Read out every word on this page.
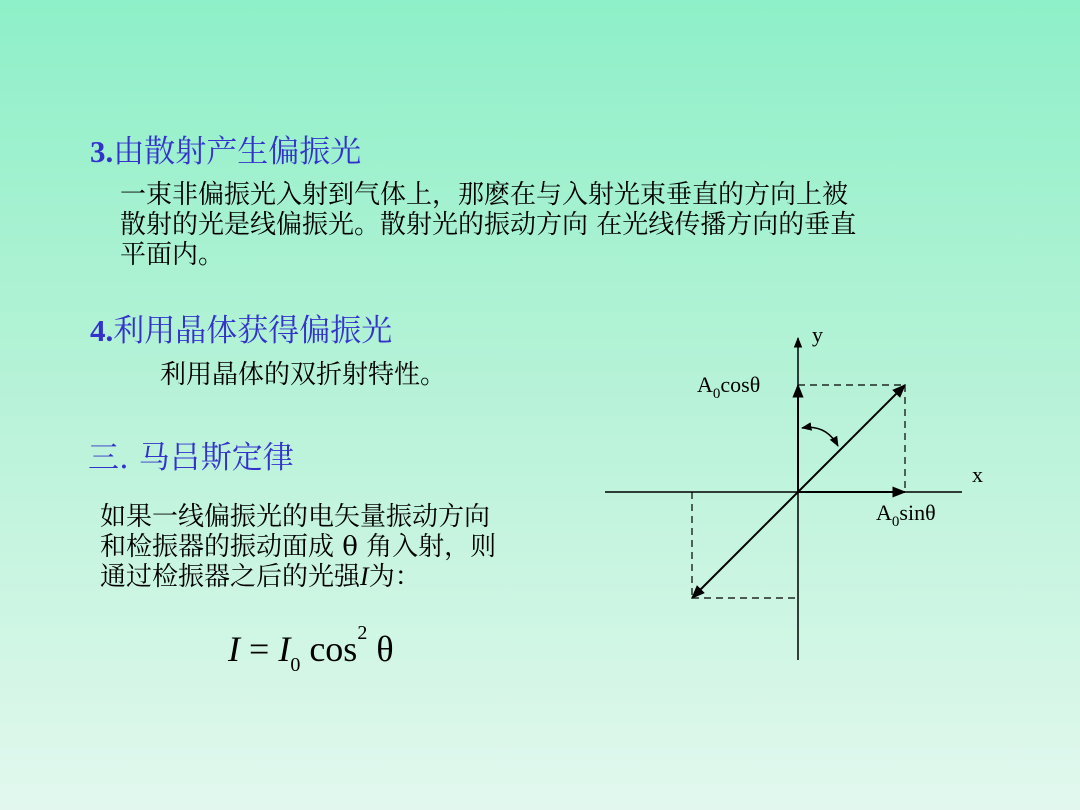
3.由散射产生偏振光
一束非偏振光入射到气体上，那麽在与入射光束垂直的方向上被
散射的光是线偏振光。散射光的振动方向 在光线传播方向的垂直
平面内。
4.利用晶体获得偏振光
利用晶体的双折射特性。
三. 马吕斯定律
如果一线偏振光的电矢量振动方向
和检振器的振动面成 θ 角入射，则
通过检振器之后的光强I为：
$I = I_0$ $\cos^2 \theta$
y
x
$A_0\cos\theta$
$A_0\sin\theta$
